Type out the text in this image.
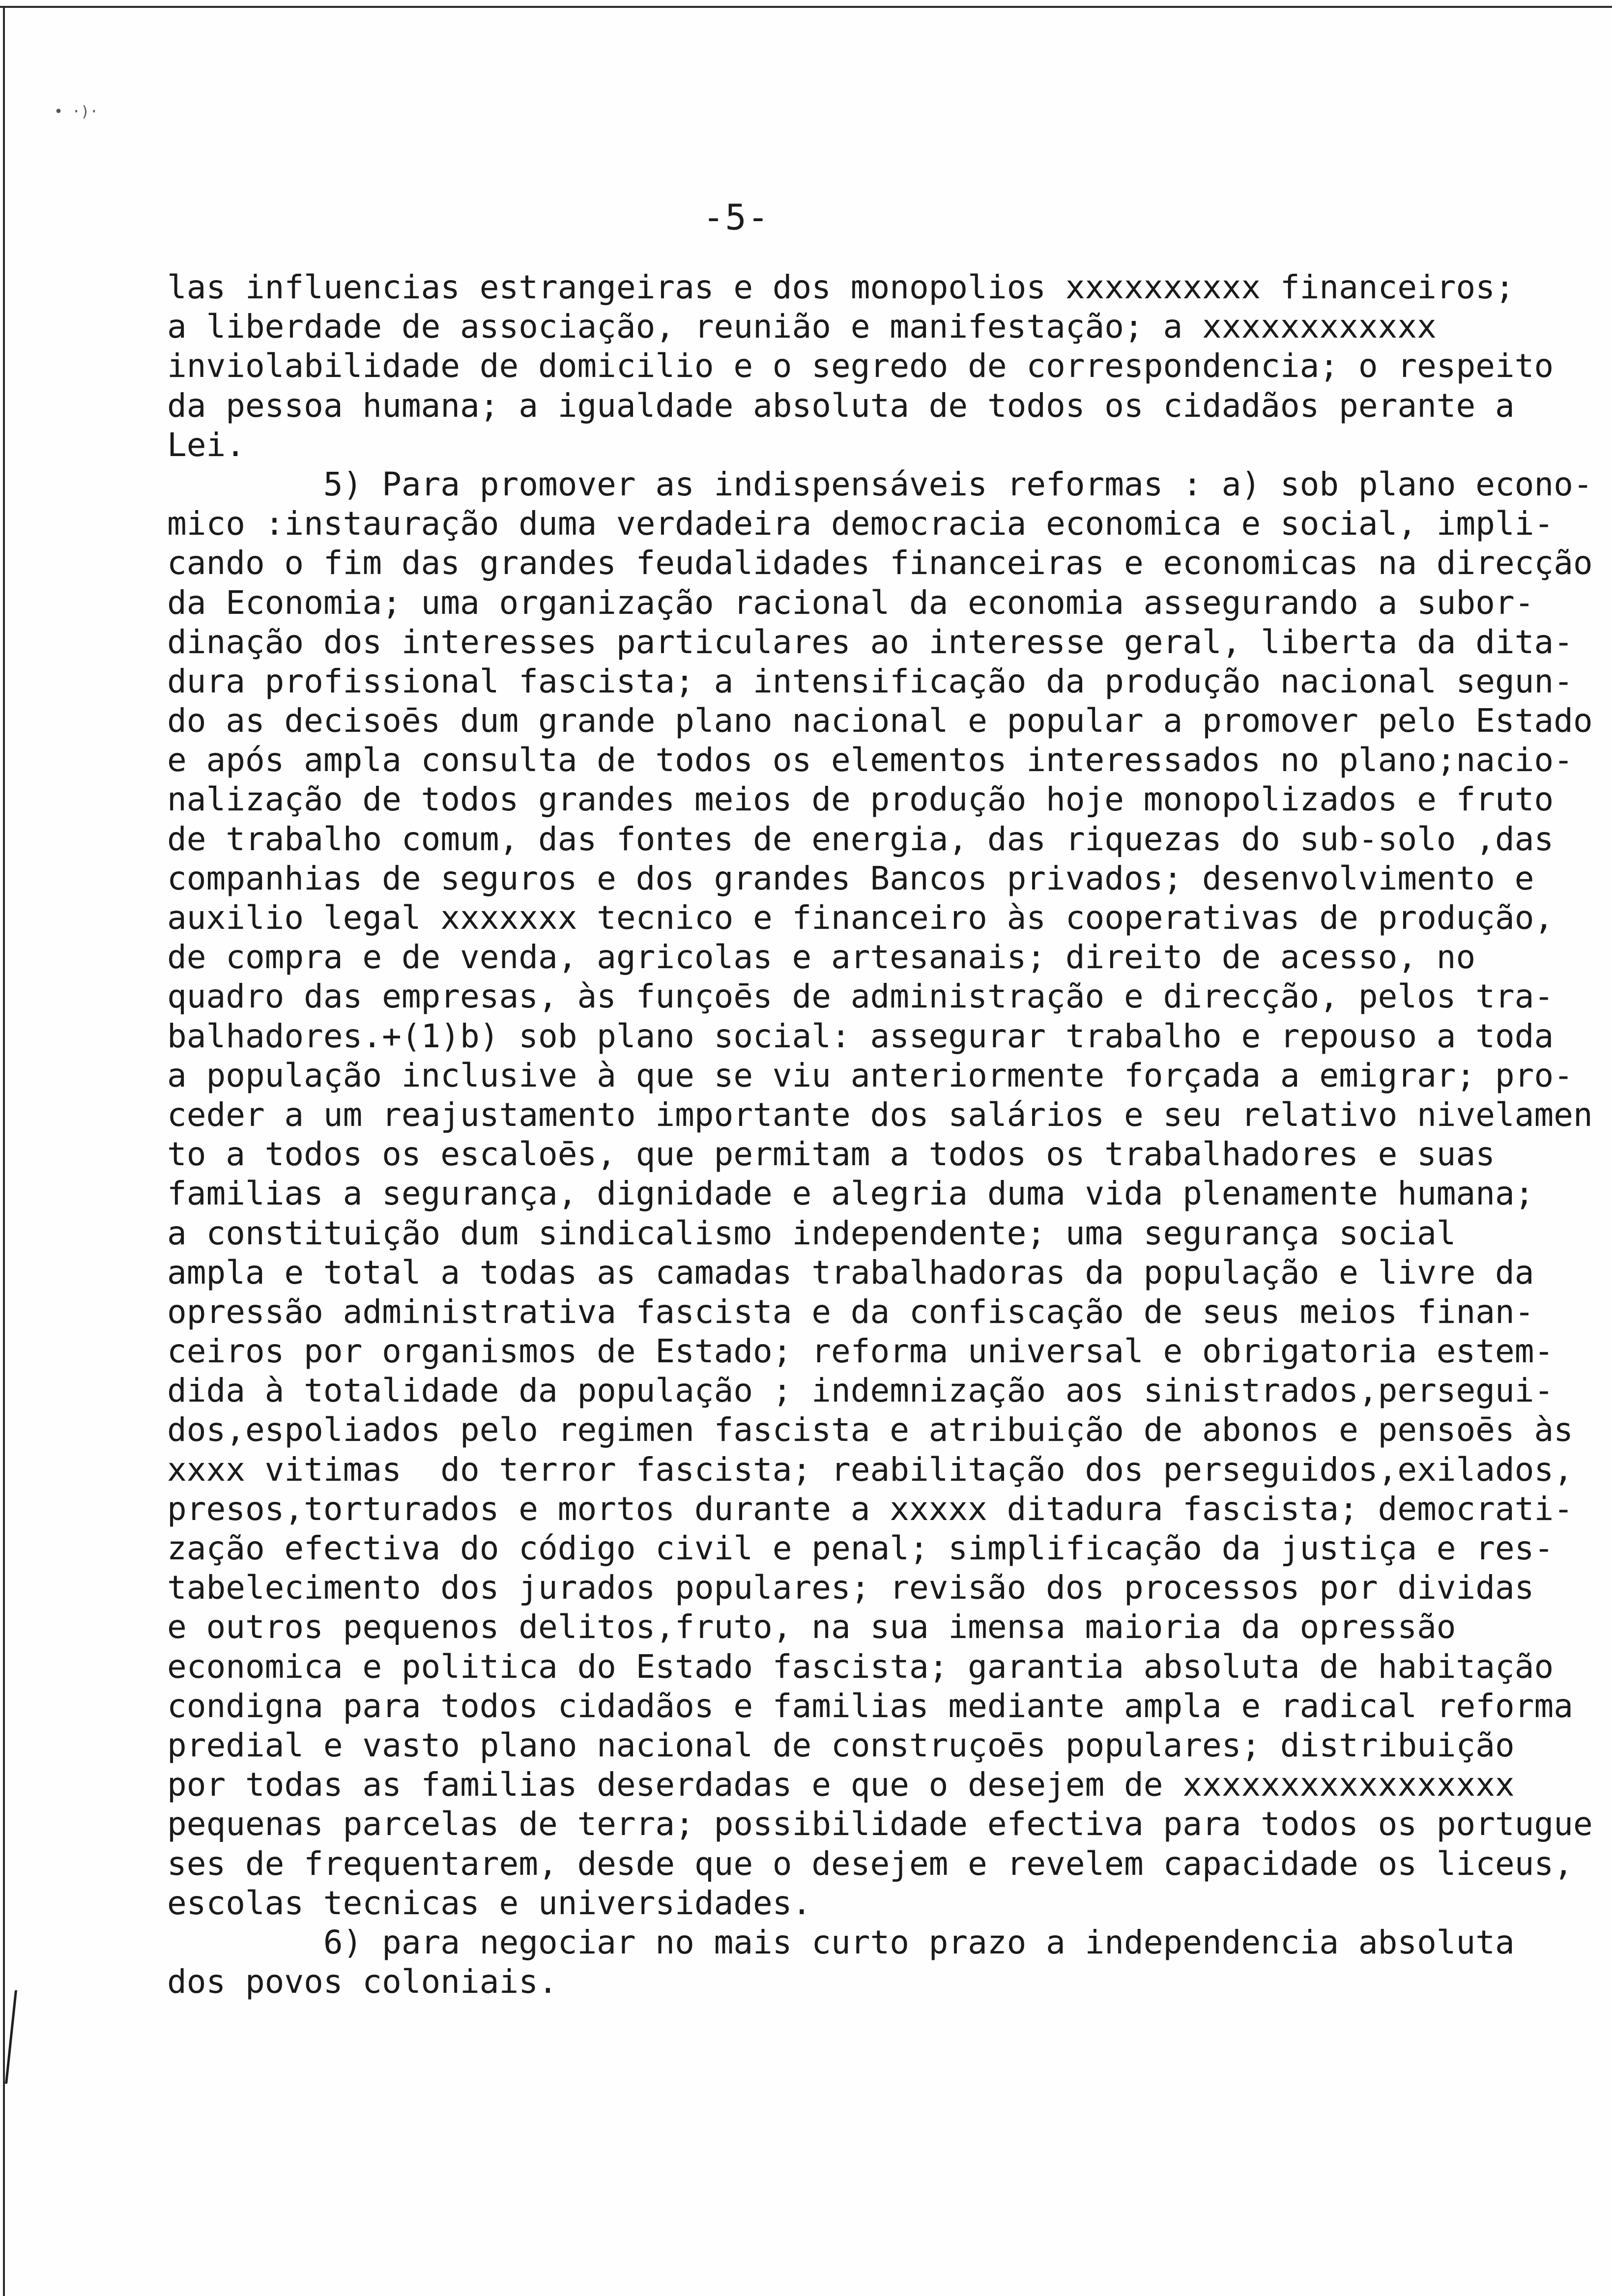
• ·)·
-5-
las influencias estrangeiras e dos monopolios xxxxxxxxxx financeiros;
a liberdade de associação, reunião e manifestação; a xxxxxxxxxxxx
inviolabilidade de domicilio e o segredo de correspondencia; o respeito
da pessoa humana; a igualdade absoluta de todos os cidadãos perante a
Lei.
5) Para promover as indispensáveis reformas : a) sob plano econo-
mico :instauração duma verdadeira democracia economica e social, impli-
cando o fim das grandes feudalidades financeiras e economicas na direcção
da Economia; uma organização racional da economia assegurando a subor-
dinação dos interesses particulares ao interesse geral, liberta da dita-
dura profissional fascista; a intensificação da produção nacional segun-
do as decisoēs dum grande plano nacional e popular a promover pelo Estado
e após ampla consulta de todos os elementos interessados no plano;nacio-
nalização de todos grandes meios de produção hoje monopolizados e fruto
de trabalho comum, das fontes de energia, das riquezas do sub-solo ,das
companhias de seguros e dos grandes Bancos privados; desenvolvimento e
auxilio legal xxxxxxx tecnico e financeiro às cooperativas de produção,
de compra e de venda, agricolas e artesanais; direito de acesso, no
quadro das empresas, às funçoēs de administração e direcção, pelos tra-
balhadores.+(1)b) sob plano social: assegurar trabalho e repouso a toda
a população inclusive à que se viu anteriormente forçada a emigrar; pro-
ceder a um reajustamento importante dos salários e seu relativo nivelamen
to a todos os escaloēs, que permitam a todos os trabalhadores e suas
familias a segurança, dignidade e alegria duma vida plenamente humana;
a constituição dum sindicalismo independente; uma segurança social
ampla e total a todas as camadas trabalhadoras da população e livre da
opressão administrativa fascista e da confiscação de seus meios finan-
ceiros por organismos de Estado; reforma universal e obrigatoria estem-
dida à totalidade da população ; indemnização aos sinistrados,persegui-
dos,espoliados pelo regimen fascista e atribuição de abonos e pensoēs às
xxxx vitimas  do terror fascista; reabilitação dos perseguidos,exilados,
presos,torturados e mortos durante a xxxxx ditadura fascista; democrati-
zação efectiva do código civil e penal; simplificação da justiça e res-
tabelecimento dos jurados populares; revisão dos processos por dividas
e outros pequenos delitos,fruto, na sua imensa maioria da opressão
economica e politica do Estado fascista; garantia absoluta de habitação
condigna para todos cidadãos e familias mediante ampla e radical reforma
predial e vasto plano nacional de construçoēs populares; distribuição
por todas as familias deserdadas e que o desejem de xxxxxxxxxxxxxxxxx
pequenas parcelas de terra; possibilidade efectiva para todos os portugue
ses de frequentarem, desde que o desejem e revelem capacidade os liceus,
escolas tecnicas e universidades.
6) para negociar no mais curto prazo a independencia absoluta
dos povos coloniais.
